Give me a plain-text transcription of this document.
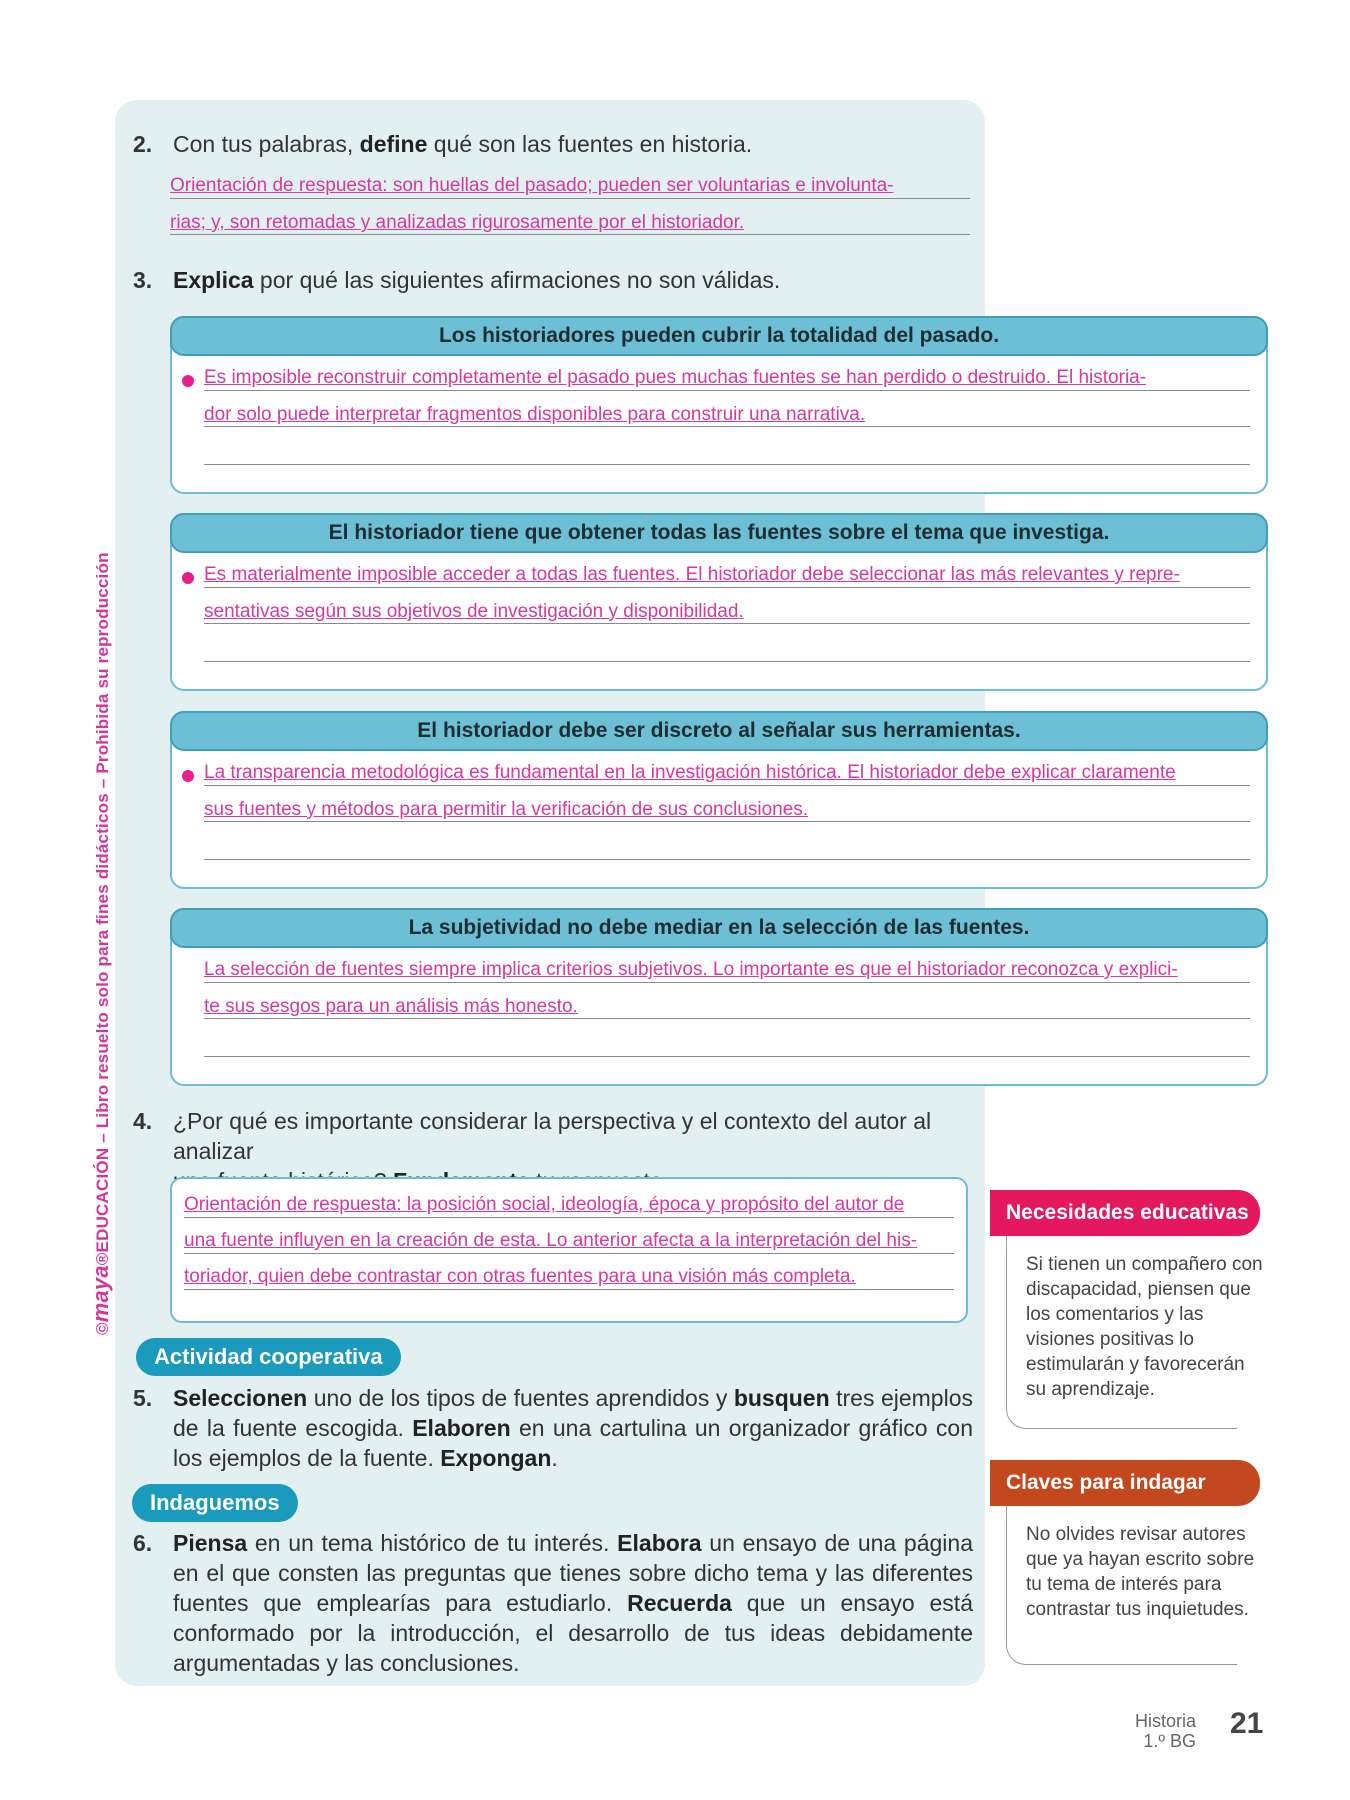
2. Con tus palabras, define qué son las fuentes en historia.
Orientación de respuesta: son huellas del pasado; pueden ser voluntarias e involunta-
rias; y, son retomadas y analizadas rigurosamente por el historiador.
3. Explica por qué las siguientes afirmaciones no son válidas.
Los historiadores pueden cubrir la totalidad del pasado.
Es imposible reconstruir completamente el pasado pues muchas fuentes se han perdido o destruido. El historia-
dor solo puede interpretar fragmentos disponibles para construir una narrativa.
El historiador tiene que obtener todas las fuentes sobre el tema que investiga.
Es materialmente imposible acceder a todas las fuentes. El historiador debe seleccionar las más relevantes y repre-
sentativas según sus objetivos de investigación y disponibilidad.
El historiador debe ser discreto al señalar sus herramientas.
La transparencia metodológica es fundamental en la investigación histórica. El historiador debe explicar claramente
sus fuentes y métodos para permitir la verificación de sus conclusiones.
La subjetividad no debe mediar en la selección de las fuentes.
La selección de fuentes siempre implica criterios subjetivos. Lo importante es que el historiador reconozca y explici-
te sus sesgos para un análisis más honesto.
4. ¿Por qué es importante considerar la perspectiva y el contexto del autor al analizar
Orientación de respuesta: la posición social, ideología, época y propósito del autor de
una fuente influyen en la creación de esta. Lo anterior afecta a la interpretación del his-
toriador, quien debe contrastar con otras fuentes para una visión más completa.
Actividad cooperativa
5. Seleccionen uno de los tipos de fuentes aprendidos y busquen tres ejemplos de la fuente escogida. Elaboren en una cartulina un organizador gráfico con los ejemplos de la fuente. Expongan.
Indaguemos
6. Piensa en un tema histórico de tu interés. Elabora un ensayo de una página en el que consten las preguntas que tienes sobre dicho tema y las diferentes fuentes que emplearías para estudiarlo. Recuerda que un ensayo está conformado por la introducción, el desarrollo de tus ideas debidamente argumentadas y las conclusiones.
Necesidades educativas
Si tienen un compañero con discapacidad, piensen que los comentarios y las visiones positivas lo estimularán y favorecerán su aprendizaje.
Claves para indagar
No olvides revisar autores que ya hayan escrito sobre tu tema de interés para contrastar tus inquietudes.
©maya®EDUCACIÓN – Libro resuelto solo para fines didácticos – Prohibida su reproducción
Historia
1.º BG
21
